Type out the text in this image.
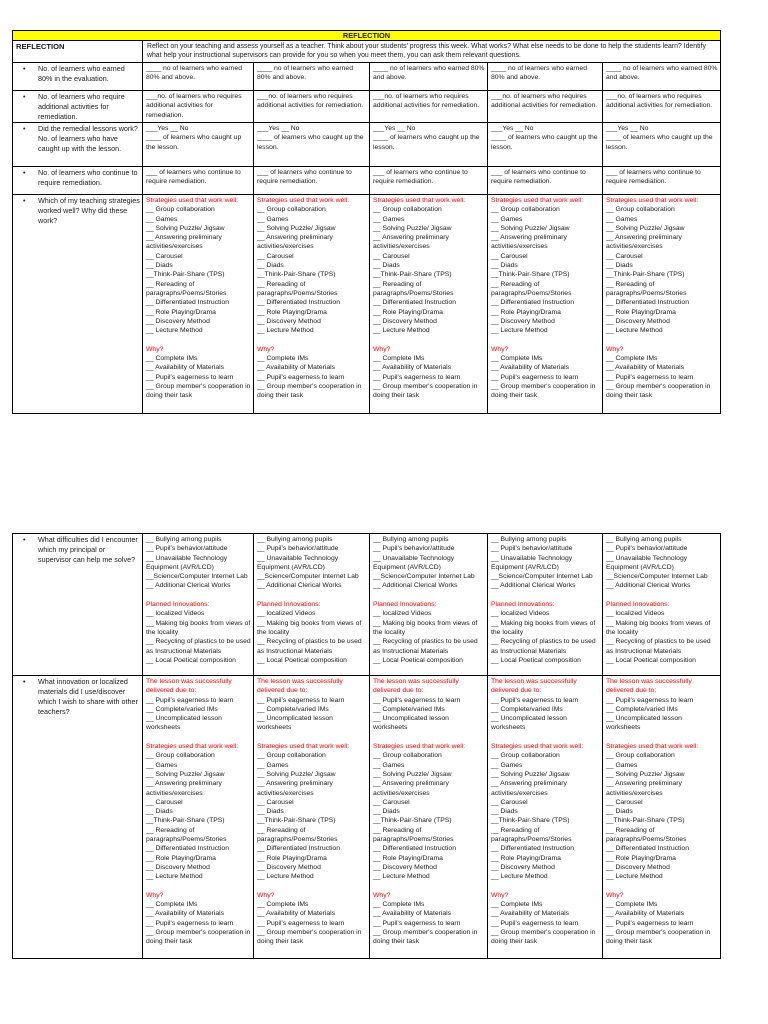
REFLECTION
REFLECTION	Reflect on your teaching and assess yourself as a teacher. Think about your students' progress this week. What works? What else needs to be done to help the students learn? Identify what help your instructional supervisors can provide for you so when you meet them, you can ask them relevant questions.
•
No. of learners who earned 80% in the evaluation.
____ no of learners who earned 80% and above.
____ no of learners who earned 80% and above.
____ no of learners who earned 80% and above.
____ no of learners who earned 80% and above.
____ no of learners who earned 80% and above.
•
No. of learners who require additional activities for remediation.
___no. of learners who requires additional activities for remediation.
___no. of learners who requires additional activities for remediation.
___no. of learners who requires additional activities for remediation.
___no. of learners who requires additional activities for remediation.
___no. of learners who requires additional activities for remediation.
•
Did the remedial lessons work? No. of learners who have caught up with the lesson.
___Yes __ No
____ of learners who caught up the lesson.
___Yes __ No
____ of learners who caught up the lesson.
___Yes __ No
____ of learners who caught up the lesson.
___Yes __ No
____ of learners who caught up the lesson.
___Yes __ No
____ of learners who caught up the lesson.
•
No. of learners who continue to require remediation.
___ of learners who continue to require remediation.
___ of learners who continue to require remediation.
___ of learners who continue to require remediation.
___ of learners who continue to require remediation.
___ of learners who continue to require remediation.
•
Which of my teaching strategies worked well? Why did these work?
Strategies used that work well:
__ Group collaboration
__ Games
__ Solving Puzzle/ Jigsaw
__ Answering preliminary activities/exercises
__ Carousel
__ Diads
__Think-Pair-Share (TPS)
__ Rereading of paragraphs/Poems/Stories
__ Differentiated Instruction
__ Role Playing/Drama
__ Discovery Method
__ Lecture Method
Why?
__ Complete IMs
__ Availability of Materials
__ Pupil's eagerness to learn
__ Group member's cooperation in doing their task
Strategies used that work well:
__ Group collaboration
__ Games
__ Solving Puzzle/ Jigsaw
__ Answering preliminary activities/exercises
__ Carousel
__ Diads
__Think-Pair-Share (TPS)
__ Rereading of paragraphs/Poems/Stories
__ Differentiated Instruction
__ Role Playing/Drama
__ Discovery Method
__ Lecture Method
Why?
__ Complete IMs
__ Availability of Materials
__ Pupil's eagerness to learn
__ Group member's cooperation in doing their task
Strategies used that work well:
__ Group collaboration
__ Games
__ Solving Puzzle/ Jigsaw
__ Answering preliminary activities/exercises
__ Carousel
__ Diads
__Think-Pair-Share (TPS)
__ Rereading of paragraphs/Poems/Stories
__ Differentiated Instruction
__ Role Playing/Drama
__ Discovery Method
__ Lecture Method
Why?
__ Complete IMs
__ Availability of Materials
__ Pupil's eagerness to learn
__ Group member's cooperation in doing their task
Strategies used that work well:
__ Group collaboration
__ Games
__ Solving Puzzle/ Jigsaw
__ Answering preliminary activities/exercises
__ Carousel
__ Diads
__Think-Pair-Share (TPS)
__ Rereading of paragraphs/Poems/Stories
__ Differentiated Instruction
__ Role Playing/Drama
__ Discovery Method
__ Lecture Method
Why?
__ Complete IMs
__ Availability of Materials
__ Pupil's eagerness to learn
__ Group member's cooperation in doing their task
Strategies used that work well:
__ Group collaboration
__ Games
__ Solving Puzzle/ Jigsaw
__ Answering preliminary activities/exercises
__ Carousel
__ Diads
__Think-Pair-Share (TPS)
__ Rereading of paragraphs/Poems/Stories
__ Differentiated Instruction
__ Role Playing/Drama
__ Discovery Method
__ Lecture Method
Why?
__ Complete IMs
__ Availability of Materials
__ Pupil's eagerness to learn
__ Group member's cooperation in doing their task
•
What difficulties did I encounter which my principal or supervisor can help me solve?
__ Bullying among pupils
__ Pupil's behavior/attitude
__ Unavailable Technology Equipment (AVR/LCD)
__Science/Computer Internet Lab
__ Additional Clerical Works
Planned Innovations:
__ localized Videos
__ Making big books from views of the locality
__ Recycling of plastics to be used as Instructional Materials
__ Local Poetical composition
__ Bullying among pupils
__ Pupil's behavior/attitude
__ Unavailable Technology Equipment (AVR/LCD)
__Science/Computer Internet Lab
__ Additional Clerical Works
Planned Innovations:
__ localized Videos
__ Making big books from views of the locality
__ Recycling of plastics to be used as Instructional Materials
__ Local Poetical composition
__ Bullying among pupils
__ Pupil's behavior/attitude
__ Unavailable Technology Equipment (AVR/LCD)
__Science/Computer Internet Lab
__ Additional Clerical Works
Planned Innovations:
__ localized Videos
__ Making big books from views of the locality
__ Recycling of plastics to be used as Instructional Materials
__ Local Poetical composition
__ Bullying among pupils
__ Pupil's behavior/attitude
__ Unavailable Technology Equipment (AVR/LCD)
__Science/Computer Internet Lab
__ Additional Clerical Works
Planned Innovations:
__ localized Videos
__ Making big books from views of the locality
__ Recycling of plastics to be used as Instructional Materials
__ Local Poetical composition
__ Bullying among pupils
__ Pupil's behavior/attitude
__ Unavailable Technology Equipment (AVR/LCD)
__Science/Computer Internet Lab
__ Additional Clerical Works
Planned Innovations:
__ localized Videos
__ Making big books from views of the locality
__ Recycling of plastics to be used as Instructional Materials
__ Local Poetical composition
•
What innovation or localized materials did I use/discover which I wish to share with other teachers?
The lesson was successfully delivered due to:
__ Pupil's eagerness to learn
__ Complete/varied IMs
__ Uncomplicated lesson worksheets
Strategies used that work well:
__ Group collaboration
__ Games
__ Solving Puzzle/ Jigsaw
__ Answering preliminary activities/exercises
__ Carousel
__ Diads
__Think-Pair-Share (TPS)
__ Rereading of paragraphs/Poems/Stories
__ Differentiated Instruction
__ Role Playing/Drama
__ Discovery Method
__ Lecture Method
Why?
__ Complete IMs
__ Availability of Materials
__ Pupil's eagerness to learn
__ Group member's cooperation in doing their task
The lesson was successfully delivered due to:
__ Pupil's eagerness to learn
__ Complete/varied IMs
__ Uncomplicated lesson worksheets
Strategies used that work well:
__ Group collaboration
__ Games
__ Solving Puzzle/ Jigsaw
__ Answering preliminary activities/exercises
__ Carousel
__ Diads
__Think-Pair-Share (TPS)
__ Rereading of paragraphs/Poems/Stories
__ Differentiated Instruction
__ Role Playing/Drama
__ Discovery Method
__ Lecture Method
Why?
__ Complete IMs
__ Availability of Materials
__ Pupil's eagerness to learn
__ Group member's cooperation in doing their task
The lesson was successfully delivered due to:
__ Pupil's eagerness to learn
__ Complete/varied IMs
__ Uncomplicated lesson worksheets
Strategies used that work well:
__ Group collaboration
__ Games
__ Solving Puzzle/ Jigsaw
__ Answering preliminary activities/exercises
__ Carousel
__ Diads
__Think-Pair-Share (TPS)
__ Rereading of paragraphs/Poems/Stories
__ Differentiated Instruction
__ Role Playing/Drama
__ Discovery Method
__ Lecture Method
Why?
__ Complete IMs
__ Availability of Materials
__ Pupil's eagerness to learn
__ Group member's cooperation in doing their task
The lesson was successfully delivered due to:
__ Pupil's eagerness to learn
__ Complete/varied IMs
__ Uncomplicated lesson worksheets
Strategies used that work well:
__ Group collaboration
__ Games
__ Solving Puzzle/ Jigsaw
__ Answering preliminary activities/exercises
__ Carousel
__ Diads
__Think-Pair-Share (TPS)
__ Rereading of paragraphs/Poems/Stories
__ Differentiated Instruction
__ Role Playing/Drama
__ Discovery Method
__ Lecture Method
Why?
__ Complete IMs
__ Availability of Materials
__ Pupil's eagerness to learn
__ Group member's cooperation in doing their task
The lesson was successfully delivered due to:
__ Pupil's eagerness to learn
__ Complete/varied IMs
__ Uncomplicated lesson worksheets
Strategies used that work well:
__ Group collaboration
__ Games
__ Solving Puzzle/ Jigsaw
__ Answering preliminary activities/exercises
__ Carousel
__ Diads
__Think-Pair-Share (TPS)
__ Rereading of paragraphs/Poems/Stories
__ Differentiated Instruction
__ Role Playing/Drama
__ Discovery Method
__ Lecture Method
Why?
__ Complete IMs
__ Availability of Materials
__ Pupil's eagerness to learn
__ Group member's cooperation in doing their task
